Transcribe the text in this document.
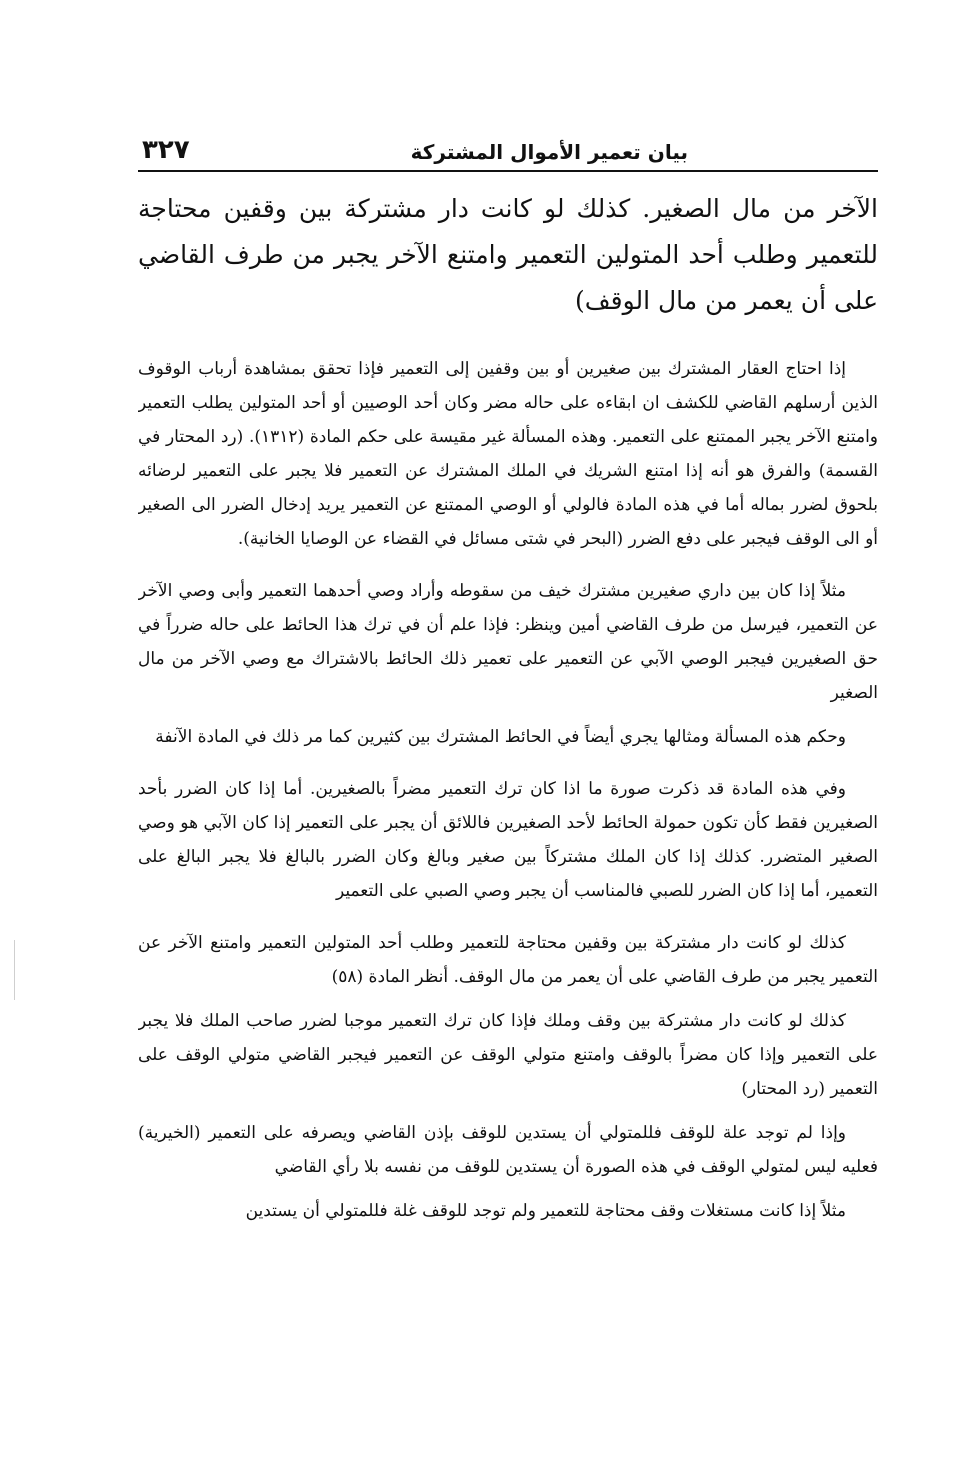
بيان تعمير الأموال المشتركة
٣٢٧

الآخر من مال الصغير. كذلك لو كانت دار مشتركة بين وقفين محتاجة للتعمير وطلب أحد المتولين التعمير وامتنع الآخر يجبر من طرف القاضي على أن يعمر من مال الوقف)

إذا احتاج العقار المشترك بين صغيرين أو بين وقفين إلى التعمير فإذا تحقق بمشاهدة أرباب الوقوف الذين أرسلهم القاضي للكشف ان ابقاءه على حاله مضر وكان أحد الوصيين أو أحد المتولين يطلب التعمير وامتنع الآخر يجبر الممتنع على التعمير. وهذه المسألة غير مقيسة على حكم المادة (١٣١٢). (رد المحتار في القسمة) والفرق هو أنه إذا امتنع الشريك في الملك المشترك عن التعمير فلا يجبر على التعمير لرضائه بلحوق لضرر بماله أما في هذه المادة فالولي أو الوصي الممتنع عن التعمير يريد إدخال الضرر الى الصغير أو الى الوقف فيجبر على دفع الضرر (البحر في شتى مسائل في القضاء عن الوصايا الخانية).

مثلاً إذا كان بين داري صغيرين مشترك خيف من سقوطه وأراد وصي أحدهما التعمير وأبى وصي الآخر عن التعمير، فيرسل من طرف القاضي أمين وينظر: فإذا علم أن في ترك هذا الحائط على حاله ضرراً في حق الصغيرين فيجبر الوصي الآبي عن التعمير على تعمير ذلك الحائط بالاشتراك مع وصي الآخر من مال الصغير

وحكم هذه المسألة ومثالها يجري أيضاً في الحائط المشترك بين كثيرين كما مر ذلك في المادة الآنفة

وفي هذه المادة قد ذكرت صورة ما اذا كان ترك التعمير مضراً بالصغيرين. أما إذا كان الضرر بأحد الصغيرين فقط كأن تكون حمولة الحائط لأحد الصغيرين فاللائق أن يجبر على التعمير إذا كان الآبي هو وصي الصغير المتضرر. كذلك إذا كان الملك مشتركاً بين صغير وبالغ وكان الضرر بالبالغ فلا يجبر البالغ على التعمير، أما إذا كان الضرر للصبي فالمناسب أن يجبر وصي الصبي على التعمير

كذلك لو كانت دار مشتركة بين وقفين محتاجة للتعمير وطلب أحد المتولين التعمير وامتنع الآخر عن التعمير يجبر من طرف القاضي على أن يعمر من مال الوقف. أنظر المادة (٥٨)

كذلك لو كانت دار مشتركة بين وقف وملك فإذا كان ترك التعمير موجبا لضرر صاحب الملك فلا يجبر على التعمير وإذا كان مضراً بالوقف وامتنع متولي الوقف عن التعمير فيجبر القاضي متولي الوقف على التعمير (رد المحتار)

وإذا لم توجد علة للوقف فللمتولي أن يستدين للوقف بإذن القاضي ويصرفه على التعمير (الخيرية) فعليه ليس لمتولي الوقف في هذه الصورة أن يستدين للوقف من نفسه بلا رأي القاضي

مثلاً إذا كانت مستغلات وقف محتاجة للتعمير ولم توجد للوقف غلة فللمتولي أن يستدين
